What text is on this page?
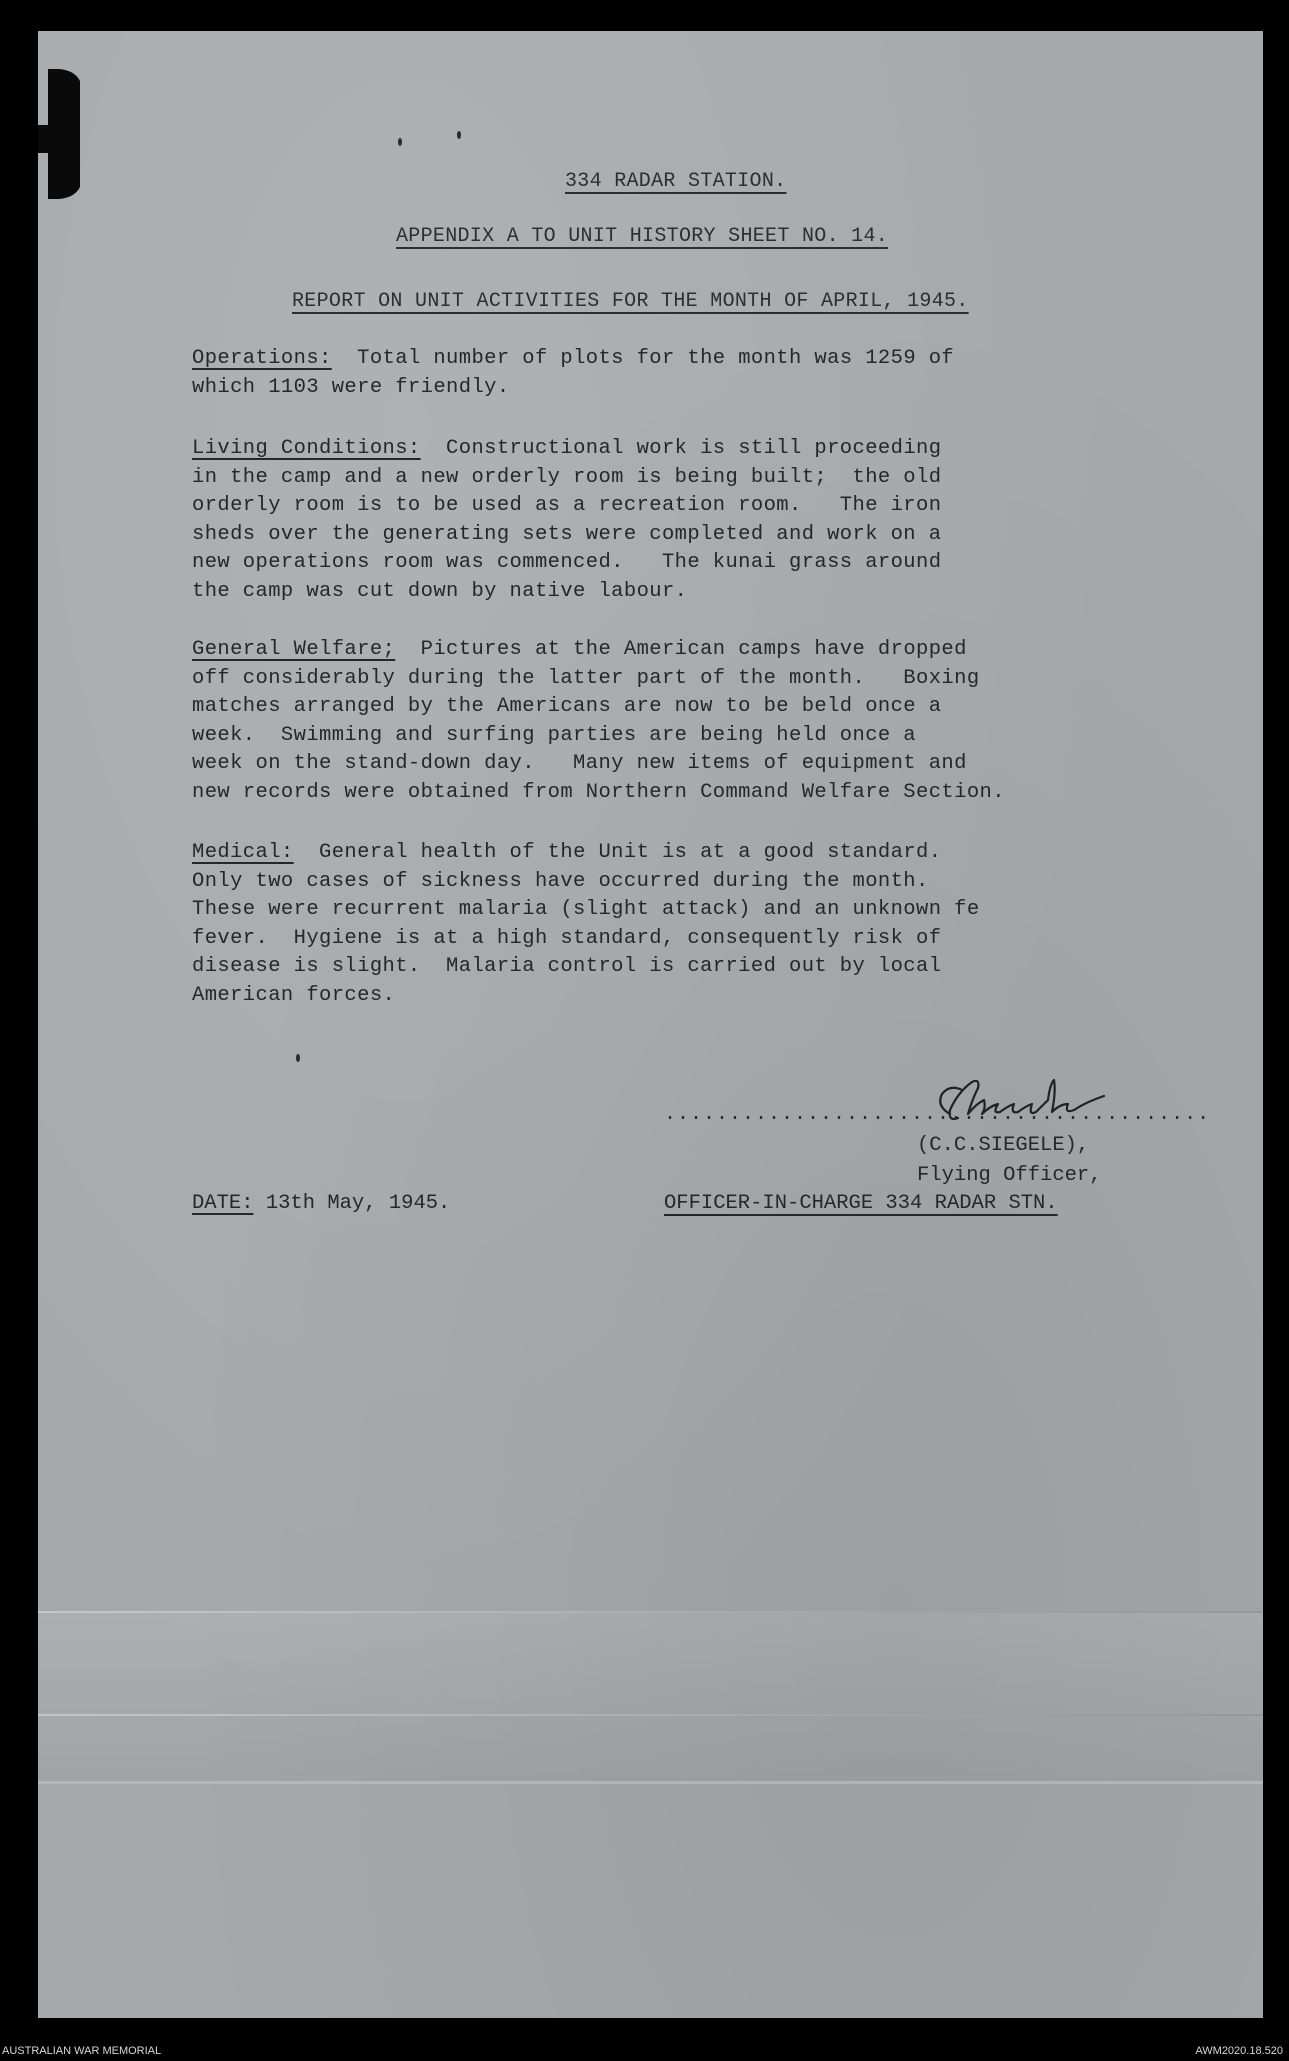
334 RADAR STATION.
APPENDIX A TO UNIT HISTORY SHEET NO. 14.
REPORT ON UNIT ACTIVITIES FOR THE MONTH OF APRIL, 1945.
Operations:  Total number of plots for the month was 1259 of
which 1103 were friendly.
Living Conditions:  Constructional work is still proceeding
in the camp and a new orderly room is being built;  the old
orderly room is to be used as a recreation room.   The iron
sheds over the generating sets were completed and work on a
new operations room was commenced.   The kunai grass around
the camp was cut down by native labour.
General Welfare;  Pictures at the American camps have dropped
off considerably during the latter part of the month.   Boxing
matches arranged by the Americans are now to be beld once a
week.  Swimming and surfing parties are being held once a
week on the stand-down day.   Many new items of equipment and
new records were obtained from Northern Command Welfare Section.
Medical:  General health of the Unit is at a good standard.
Only two cases of sickness have occurred during the month.
These were recurrent malaria (slight attack) and an unknown fe
fever.  Hygiene is at a high standard, consequently risk of
disease is slight.  Malaria control is carried out by local
American forces.
..........................................
(C.C.SIEGELE),
Flying Officer,
DATE: 13th May, 1945.	OFFICER-IN-CHARGE 334 RADAR STN.
AUSTRALIAN WAR MEMORIAL	AWM2020.18.520
